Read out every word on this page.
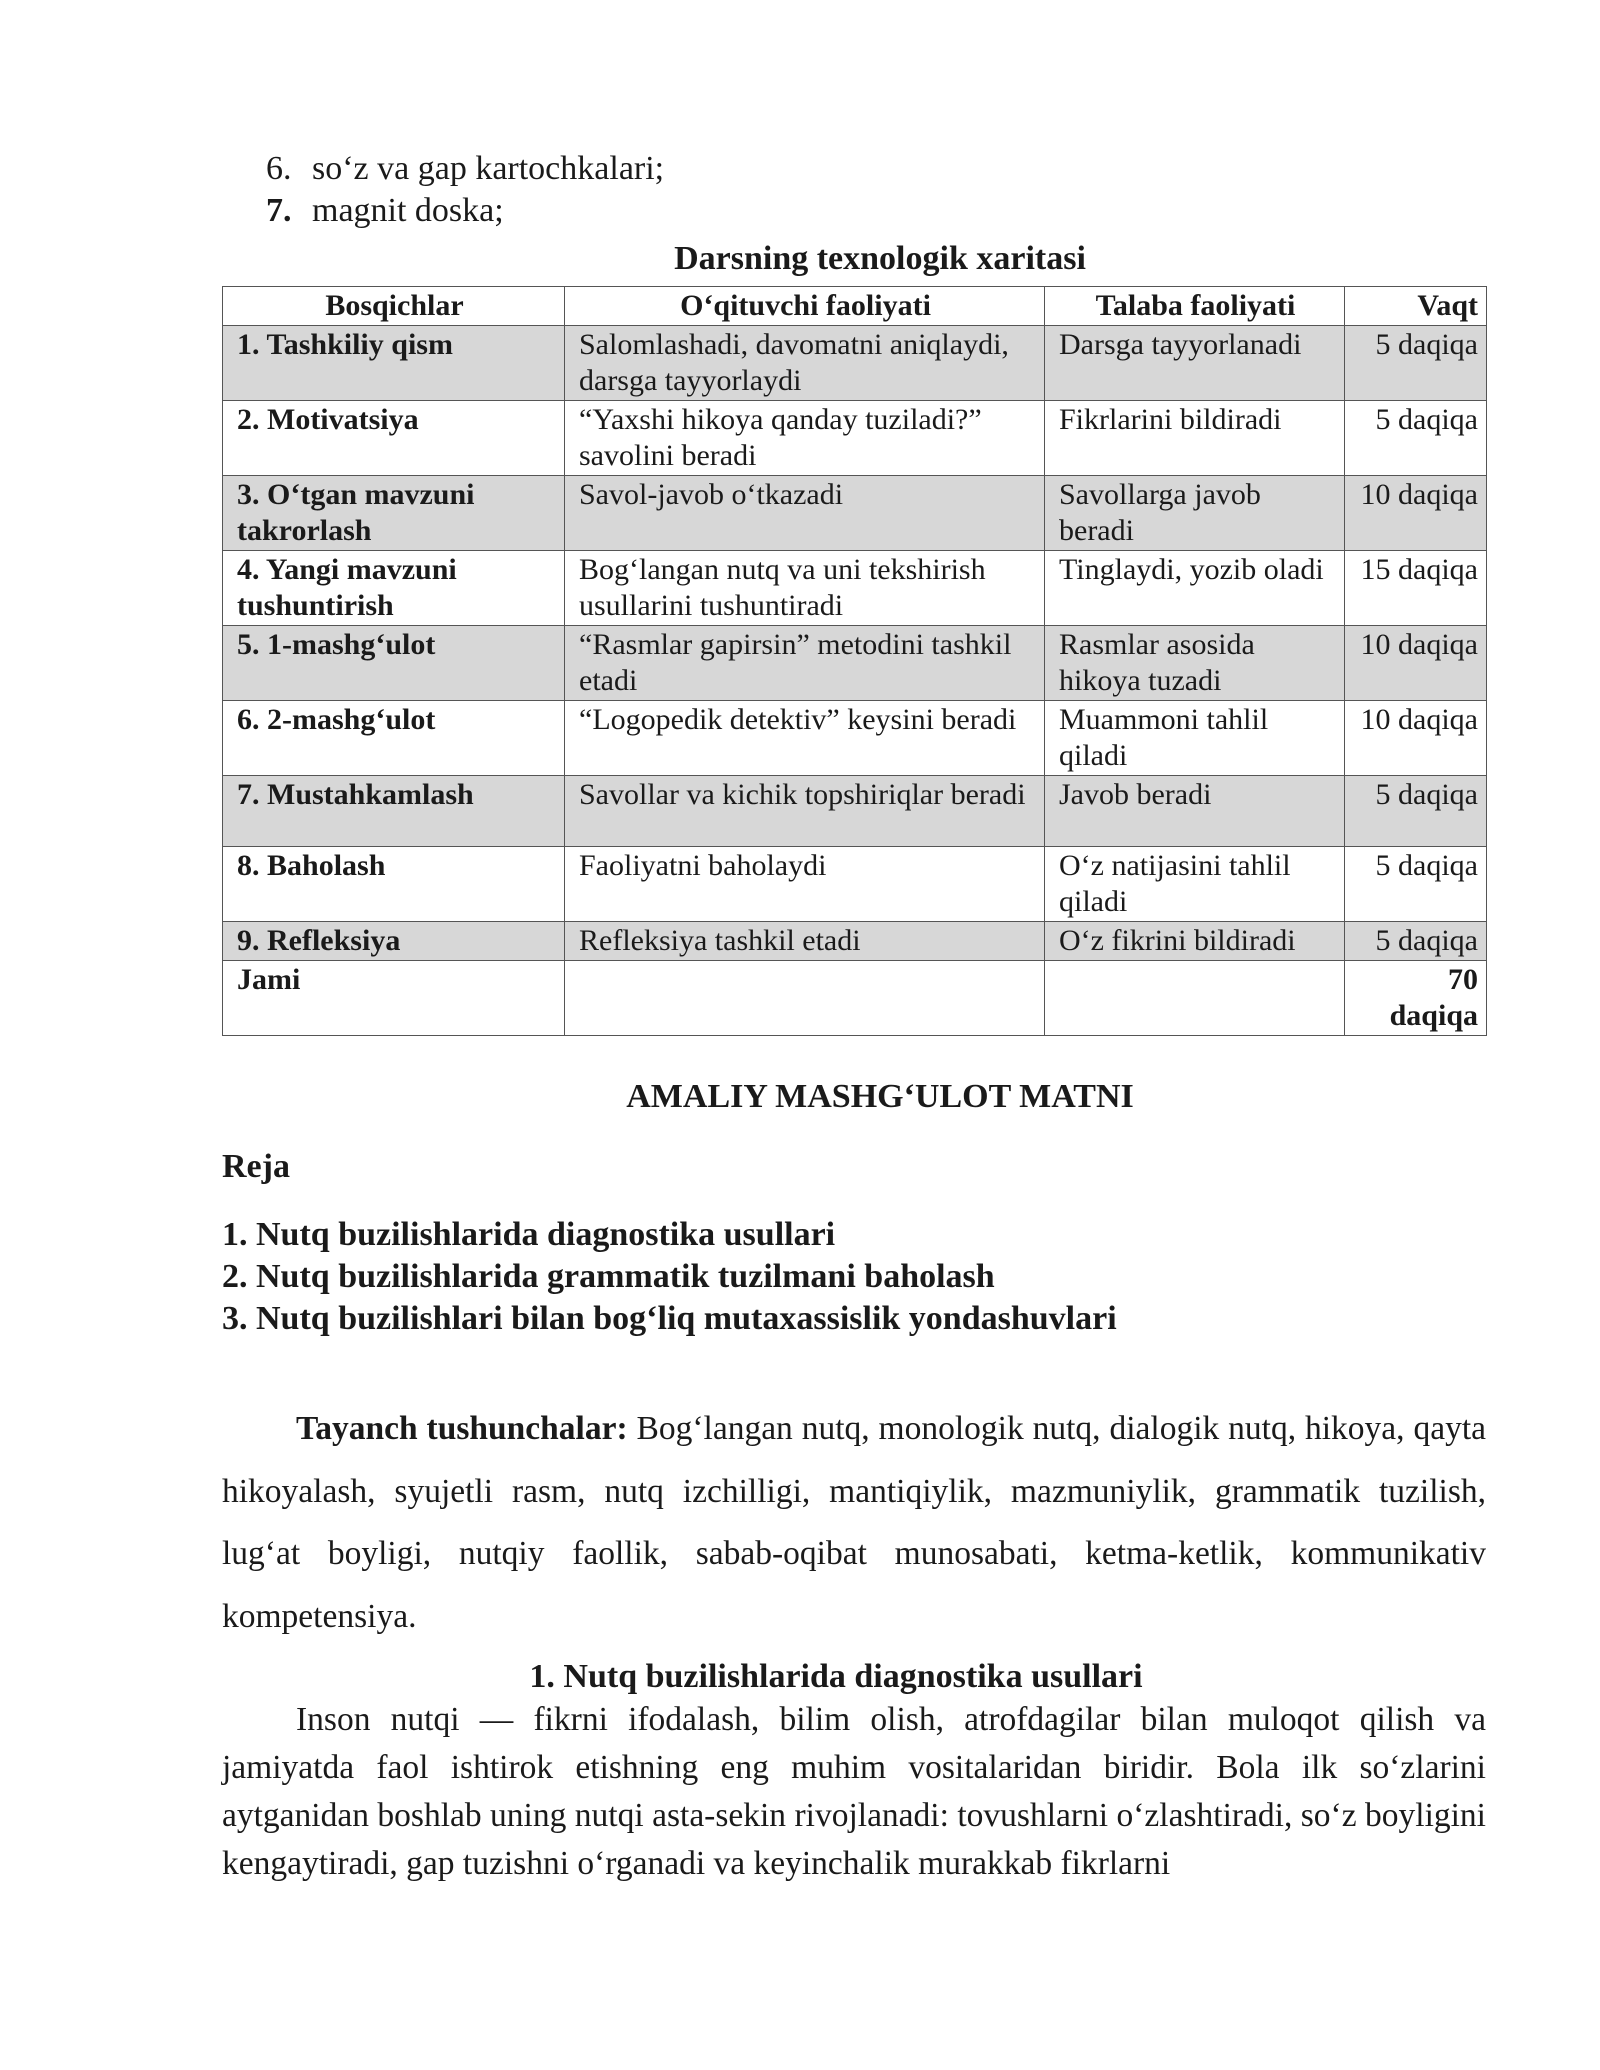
6. so‘z va gap kartochkalari;
7. magnit doska;
Darsning texnologik xaritasi
Bosqichlar	O‘qituvchi faoliyati	Talaba faoliyati	Vaqt
1. Tashkiliy qism	Salomlashadi, davomatni aniqlaydi, darsga tayyorlaydi	Darsga tayyorlanadi	5 daqiqa
2. Motivatsiya	“Yaxshi hikoya qanday tuziladi?” savolini beradi	Fikrlarini bildiradi	5 daqiqa
3. O‘tgan mavzuni takrorlash	Savol-javob o‘tkazadi	Savollarga javob beradi	10 daqiqa
4. Yangi mavzuni tushuntirish	Bog‘langan nutq va uni tekshirish usullarini tushuntiradi	Tinglaydi, yozib oladi	15 daqiqa
5. 1-mashg‘ulot	“Rasmlar gapirsin” metodini tashkil etadi	Rasmlar asosida hikoya tuzadi	10 daqiqa
6. 2-mashg‘ulot	“Logopedik detektiv” keysini beradi	Muammoni tahlil qiladi	10 daqiqa
7. Mustahkamlash	Savollar va kichik topshiriqlar beradi	Javob beradi	5 daqiqa
8. Baholash	Faoliyatni baholaydi	O‘z natijasini tahlil qiladi	5 daqiqa
9. Refleksiya	Refleksiya tashkil etadi	O‘z fikrini bildiradi	5 daqiqa
Jami			70 daqiqa
AMALIY MASHG‘ULOT MATNI
Reja
1. Nutq buzilishlarida diagnostika usullari
2. Nutq buzilishlarida grammatik tuzilmani baholash
3. Nutq buzilishlari bilan bog‘liq mutaxassislik yondashuvlari
Tayanch tushunchalar: Bog‘langan nutq, monologik nutq, dialogik nutq, hikoya, qayta hikoyalash, syujetli rasm, nutq izchilligi, mantiqiylik, mazmuniylik, grammatik tuzilish, lug‘at boyligi, nutqiy faollik, sabab-oqibat munosabati, ketma-ketlik, kommunikativ kompetensiya.
1. Nutq buzilishlarida diagnostika usullari
Inson nutqi — fikrni ifodalash, bilim olish, atrofdagilar bilan muloqot qilish va jamiyatda faol ishtirok etishning eng muhim vositalaridan biridir. Bola ilk so‘zlarini aytganidan boshlab uning nutqi asta-sekin rivojlanadi: tovushlarni o‘zlashtiradi, so‘z boyligini kengaytiradi, gap tuzishni o‘rganadi va keyinchalik murakkab fikrlarni
